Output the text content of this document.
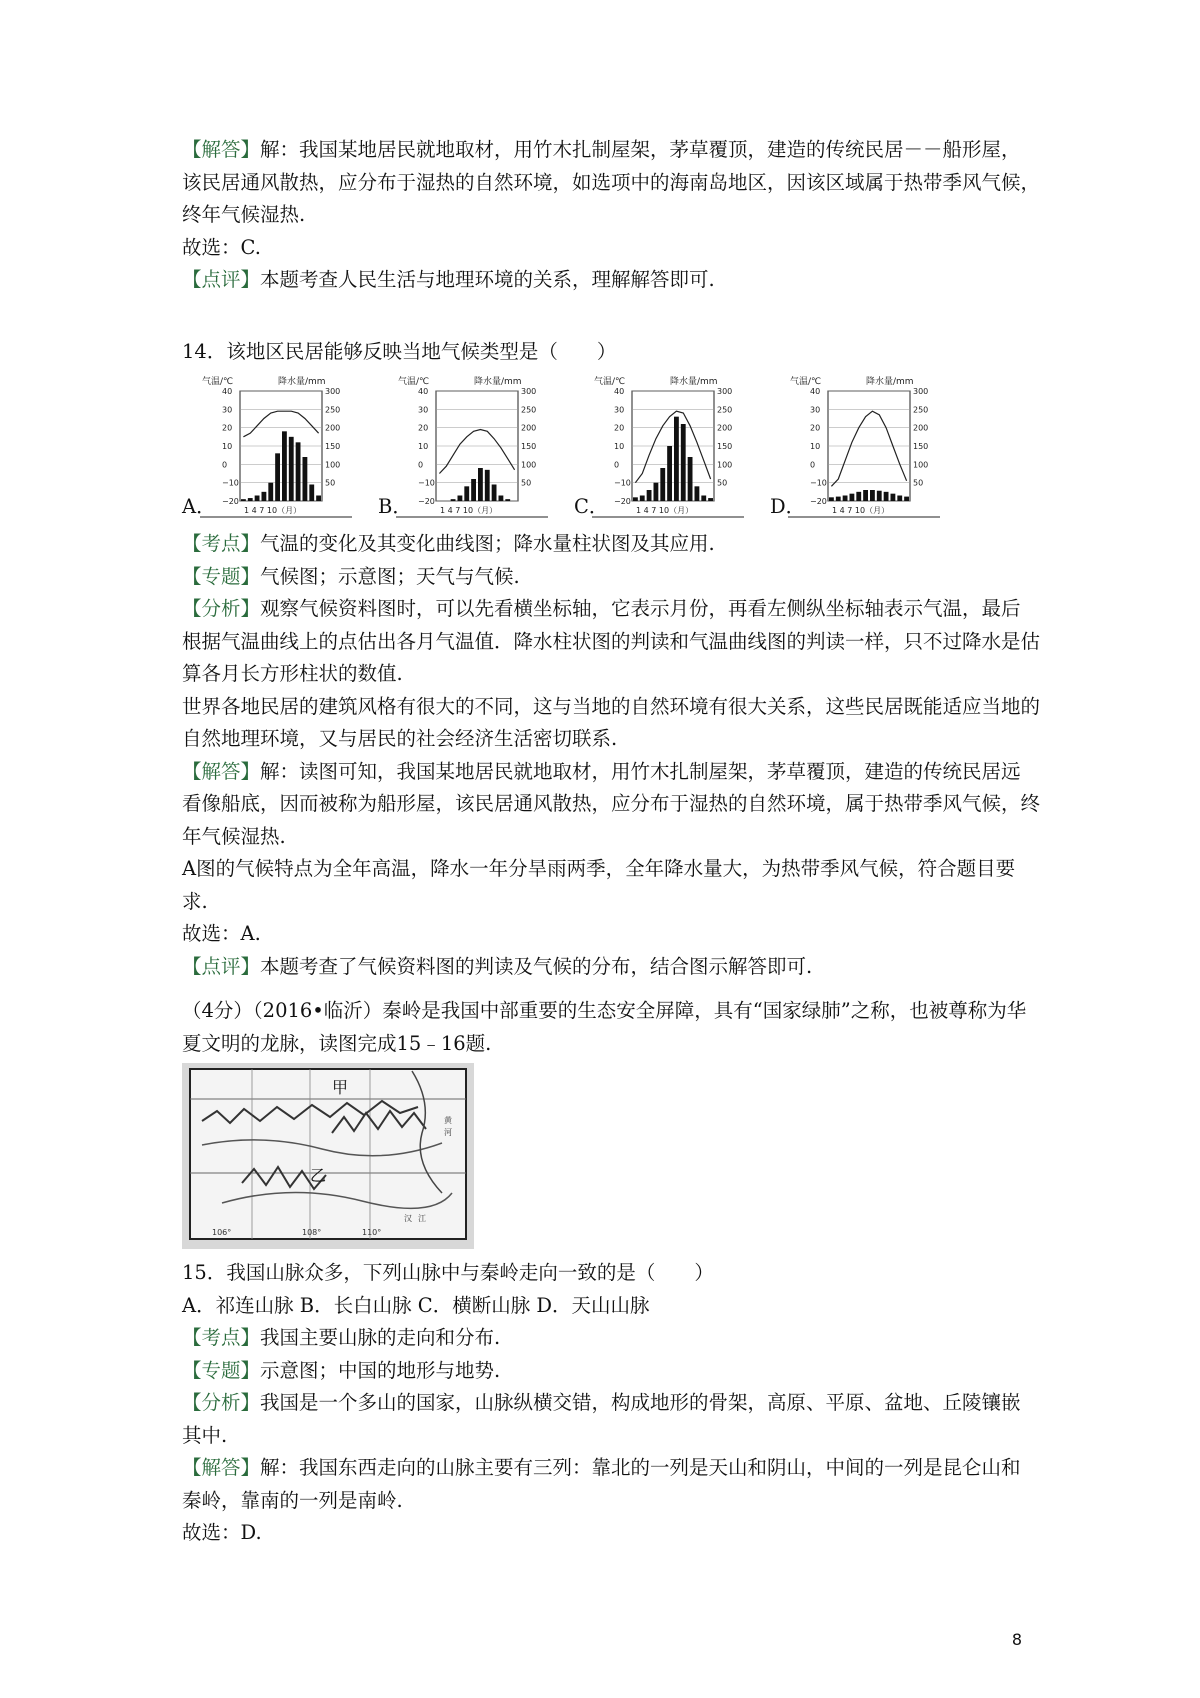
【解答】解：我国某地居民就地取材，用竹木扎制屋架，茅草覆顶，建造的传统民居－－船形屋，该民居通风散热，应分布于湿热的自然环境，如选项中的海南岛地区，因该区域属于热带季风气候，终年气候湿热.

故选：C.

【点评】本题考查人民生活与地理环境的关系，理解解答即可.

14．该地区民居能够反映当地气候类型是（　　）

A．
气温/℃	降水量/mm
40
30
20
10
0
−10
−20
300
250
200
150
100
50
1 4 7 10（月）	B．
气温/℃	降水量/mm
40
30
20
10
0
−10
−20
300
250
200
150
100
50
1 4 7 10（月）	C．
气温/℃	降水量/mm
40
30
20
10
0
−10
−20
300
250
200
150
100
50
1 4 7 10（月）	D．
气温/℃	降水量/mm
40
30
20
10
0
−10
−20
300
250
200
150
100
50
1 4 7 10（月）

【考点】气温的变化及其变化曲线图；降水量柱状图及其应用.

【专题】气候图；示意图；天气与气候.

【分析】观察气候资料图时，可以先看横坐标轴，它表示月份，再看左侧纵坐标轴表示气温，最后根据气温曲线上的点估出各月气温值．降水柱状图的判读和气温曲线图的判读一样，只不过降水是估算各月长方形柱状的数值.

世界各地民居的建筑风格有很大的不同，这与当地的自然环境有很大关系，这些民居既能适应当地的自然地理环境，又与居民的社会经济生活密切联系.

【解答】解：读图可知，我国某地居民就地取材，用竹木扎制屋架，茅草覆顶，建造的传统民居远看像船底，因而被称为船形屋，该民居通风散热，应分布于湿热的自然环境，属于热带季风气候，终年气候湿热.

A图的气候特点为全年高温，降水一年分旱雨两季，全年降水量大，为热带季风气候，符合题目要求.

故选：A.

【点评】本题考查了气候资料图的判读及气候的分布，结合图示解答即可.

（4分）（2016•临沂）秦岭是我国中部重要的生态安全屏障，具有“国家绿肺”之称，也被尊称为华夏文明的龙脉，读图完成15﹣16题.

甲
乙
106°	108°	110°
黄
河
汉 江

15．我国山脉众多，下列山脉中与秦岭走向一致的是（　　）

A．祁连山脉 B．长白山脉 C．横断山脉 D．天山山脉

【考点】我国主要山脉的走向和分布.

【专题】示意图；中国的地形与地势.

【分析】我国是一个多山的国家，山脉纵横交错，构成地形的骨架，高原、平原、盆地、丘陵镶嵌其中.

【解答】解：我国东西走向的山脉主要有三列：靠北的一列是天山和阴山，中间的一列是昆仑山和秦岭，靠南的一列是南岭.

故选：D.

8
